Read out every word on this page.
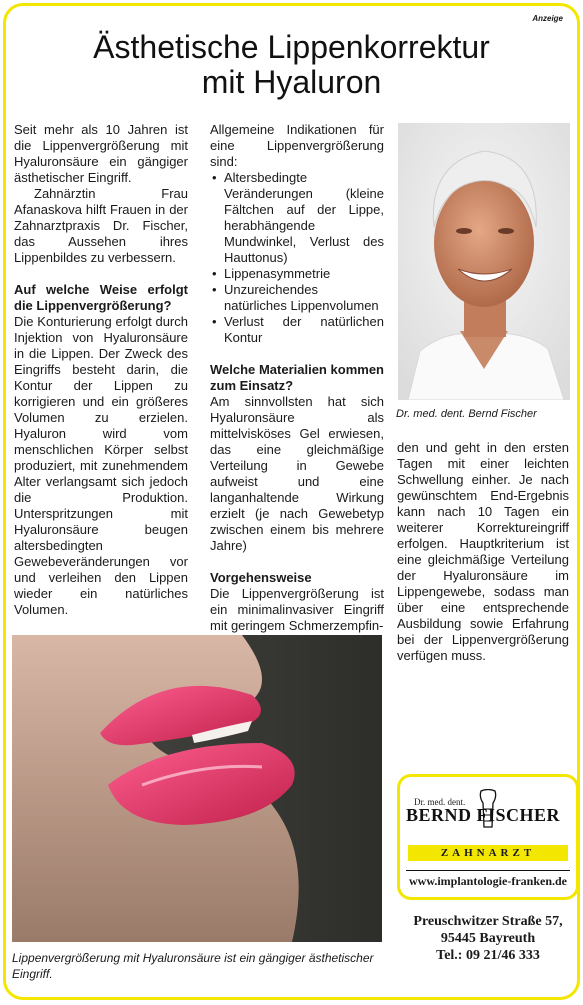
Anzeige
Ästhetische Lippenkorrektur
mit Hyaluron

Seit mehr als 10 Jahren ist die Lippenvergrößerung mit Hyaluronsäure ein gängiger ästhetischer Eingriff.

Zahnärztin Frau Afanaskova hilft Frauen in der Zahnarztpraxis Dr. Fischer, das Aussehen ihres Lippenbildes zu verbessern.

Auf welche Weise erfolgt die Lippenvergrößerung?

Die Konturierung erfolgt durch Injektion von Hyaluronsäure in die Lippen. Der Zweck des Eingriffs besteht darin, die Kontur der Lippen zu korrigieren und ein größeres Volumen zu erzielen. Hyaluron wird vom menschlichen Körper selbst produziert, mit zunehmendem Alter verlangsamt sich jedoch die Produktion. Unterspritzungen mit Hyaluronsäure beugen altersbedingten Gewebeveränderungen vor und verleihen den Lippen wieder ein natürliches Volumen.

Allgemeine Indikationen für eine Lippenvergrößerung sind:

• Altersbedingte Veränderungen (kleine Fältchen auf der Lippe, herabhängende Mundwinkel, Verlust des Hauttonus)
• Lippenasymmetrie
• Unzureichendes natürliches Lippenvolumen
• Verlust der natürlichen Kontur
Welche Materialien kommen zum Einsatz?

Am sinnvollsten hat sich Hyaluronsäure als mittelvisköses Gel erwiesen, das eine gleichmäßige Verteilung in Gewebe aufweist und eine langanhaltende Wirkung erzielt (je nach Gewebetyp zwischen einem bis mehrere Jahre)

Vorgehensweise

Die Lippenvergrößerung ist ein minimalinvasiver Eingriff mit geringem Schmerzempfin-

Dr. med. dent. Bernd Fischer

den und geht in den ersten Tagen mit einer leichten Schwellung einher. Je nach gewünschtem End-Ergebnis kann nach 10 Tagen ein weiterer Korrektureingriff erfolgen. Hauptkriterium ist eine gleichmäßige Verteilung der Hyaluronsäure im Lippengewebe, sodass man über eine entsprechende Ausbildung sowie Erfahrung bei der Lippenvergrößerung verfügen muss.

Lippenvergrößerung mit Hyaluronsäure ist ein gängiger ästhetischer Eingriff.
Dr. med. dent.
BERND FISCHER
ZAHNARZT
www.implantologie-franken.de
Preuschwitzer Straße 57,
95445 Bayreuth
Tel.: 09 21/46 333
